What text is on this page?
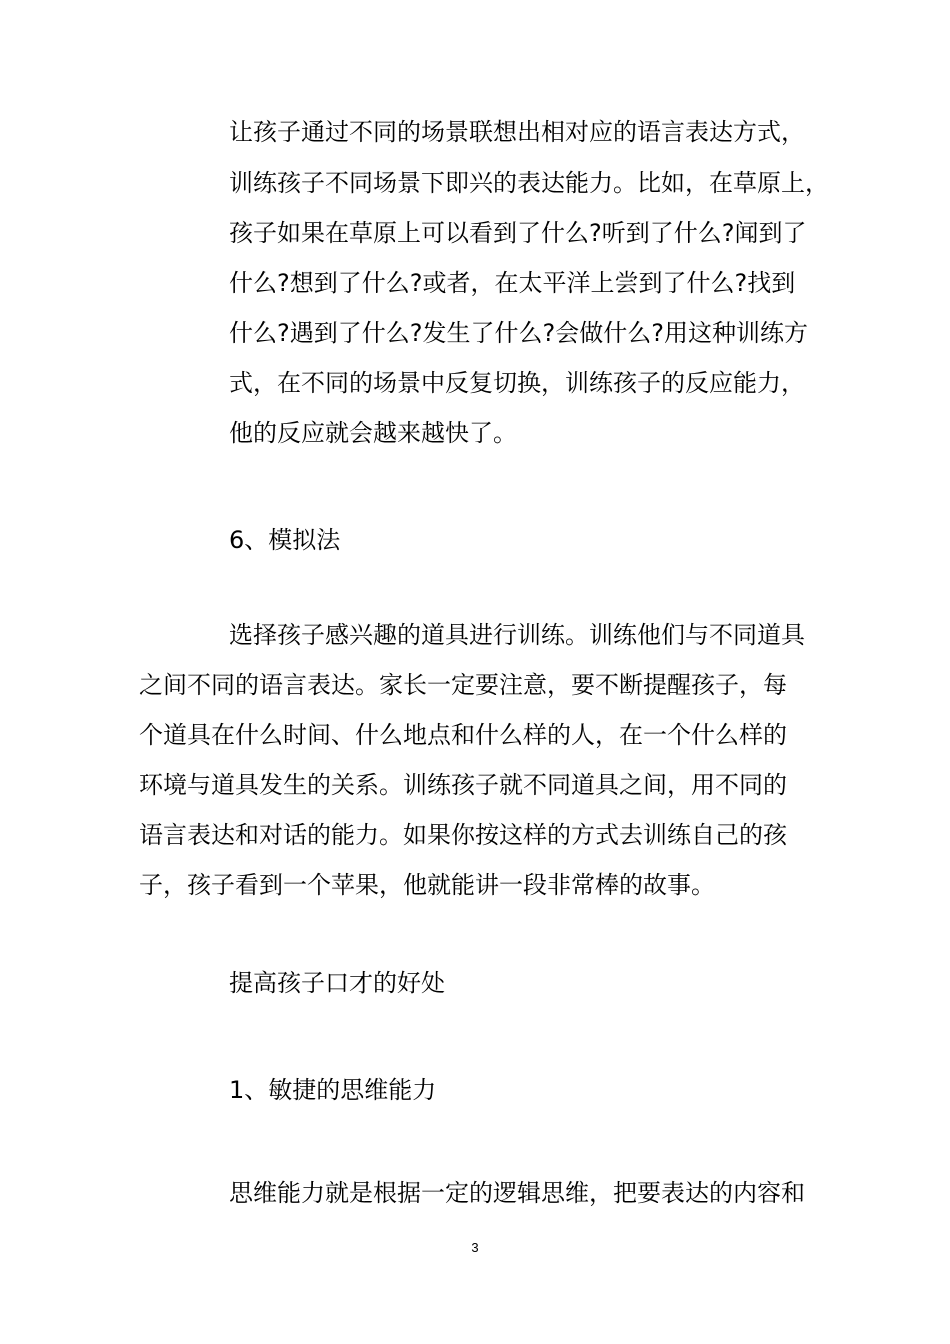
让孩子通过不同的场景联想出相对应的语言表达方式，
训练孩子不同场景下即兴的表达能力。比如，在草原上，
孩子如果在草原上可以看到了什么?听到了什么?闻到了
什么?想到了什么?或者，在太平洋上尝到了什么?找到
什么?遇到了什么?发生了什么?会做什么?用这种训练方
式，在不同的场景中反复切换，训练孩子的反应能力，
他的反应就会越来越快了。
6、模拟法
选择孩子感兴趣的道具进行训练。训练他们与不同道具
之间不同的语言表达。家长一定要注意，要不断提醒孩子，每
个道具在什么时间、什么地点和什么样的人，在一个什么样的
环境与道具发生的关系。训练孩子就不同道具之间，用不同的
语言表达和对话的能力。如果你按这样的方式去训练自己的孩
子，孩子看到一个苹果，他就能讲一段非常棒的故事。
提高孩子口才的好处
1、敏捷的思维能力
思维能力就是根据一定的逻辑思维，把要表达的内容和
3
